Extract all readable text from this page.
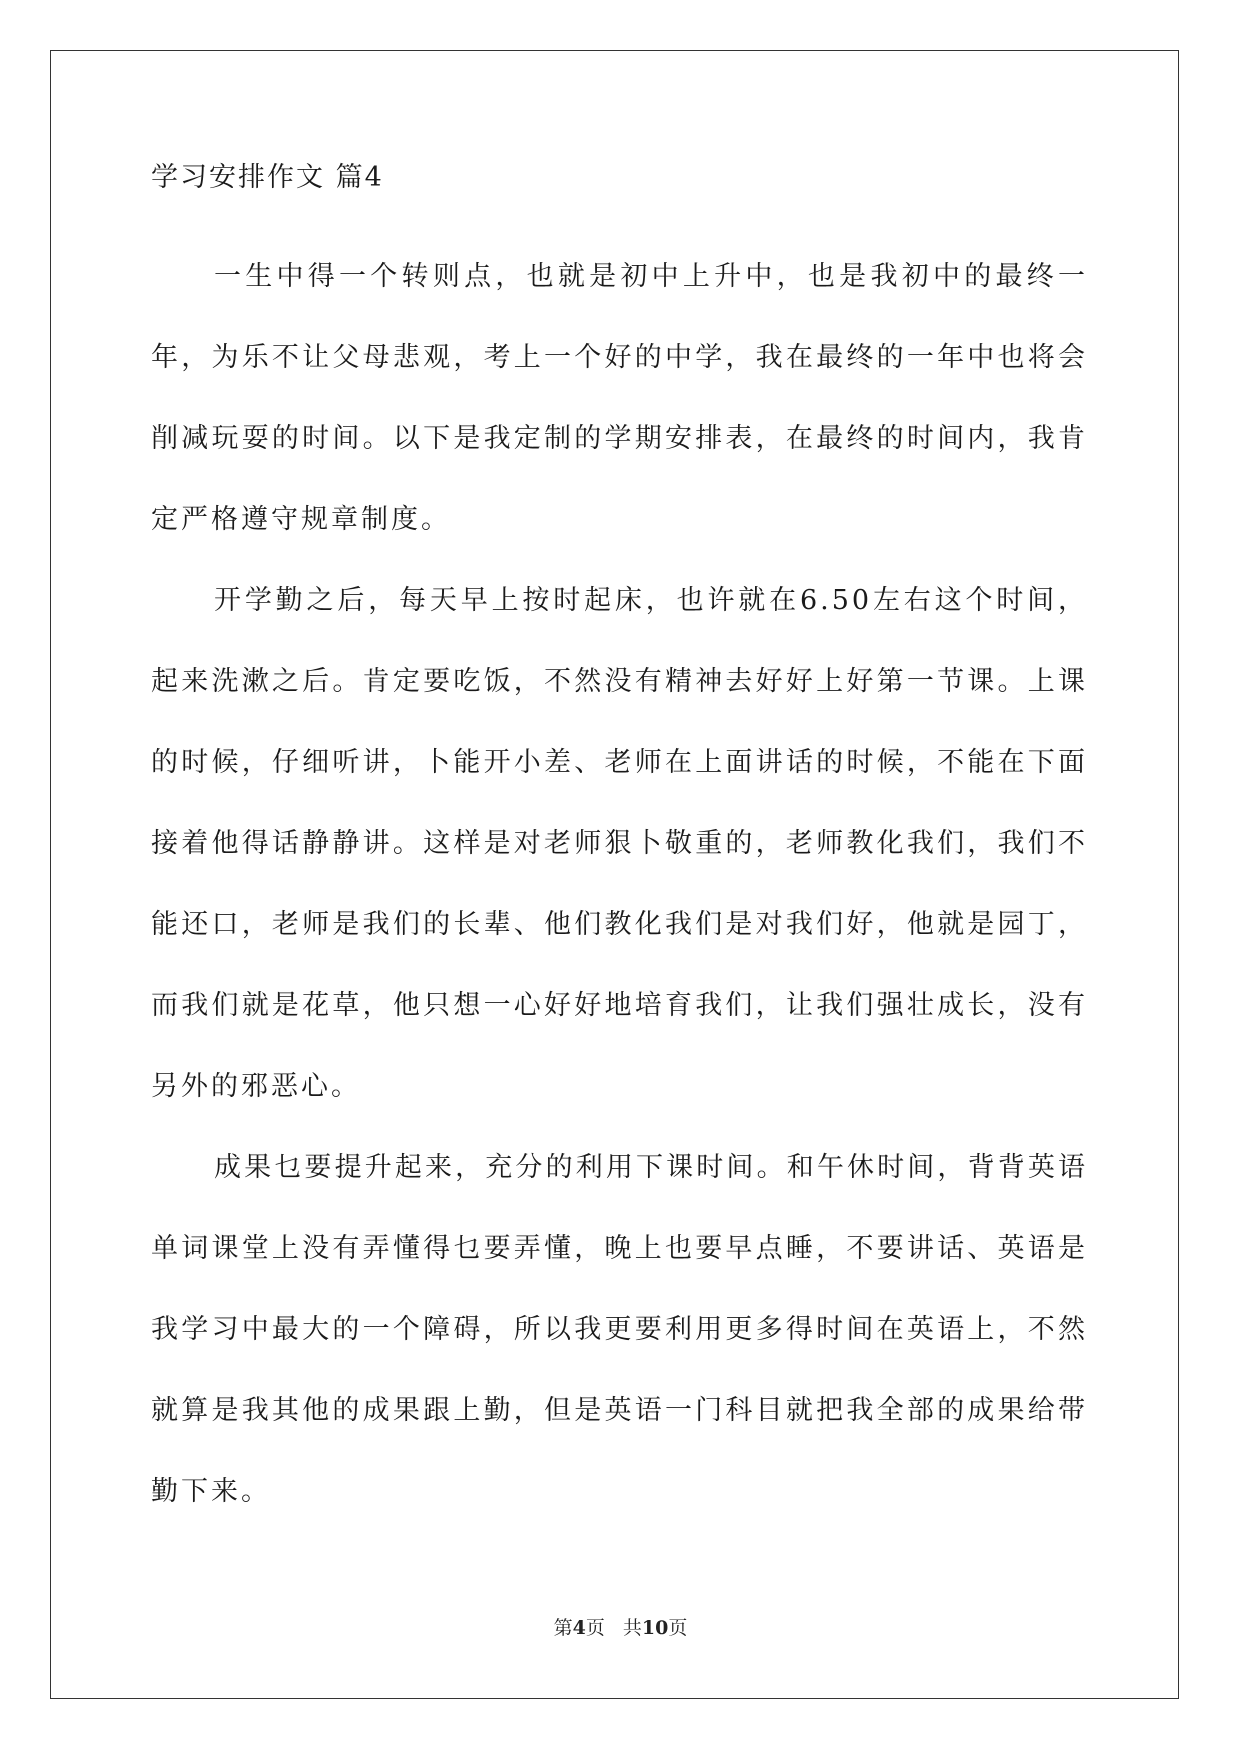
学习安排作文 篇4

一生中得一个转则点，也就是初中上升中，也是我初中的最终一年，为乐不让父母悲观，考上一个好的中学，我在最终的一年中也将会削减玩耍的时间。以下是我定制的学期安排表，在最终的时间内，我肯定严格遵守规章制度。

开学勤之后，每天早上按时起床，也许就在6.50左右这个时间，起来洗漱之后。肯定要吃饭，不然没有精神去好好上好第一节课。上课的时候，仔细听讲，卜能开小差、老师在上面讲话的时候，不能在下面接着他得话静静讲。这样是对老师狠卜敬重的，老师教化我们，我们不能还口，老师是我们的长辈、他们教化我们是对我们好，他就是园丁，而我们就是花草，他只想一心好好地培育我们，让我们强壮成长，没有另外的邪恶心。

成果乜要提升起来，充分的利用下课时间。和午休时间，背背英语单词课堂上没有弄懂得乜要弄懂，晚上也要早点睡，不要讲话、英语是我学习中最大的一个障碍，所以我更要利用更多得时间在英语上，不然就算是我其他的成果跟上勤，但是英语一门科目就把我全部的成果给带勤下来。

第4页 共10页
